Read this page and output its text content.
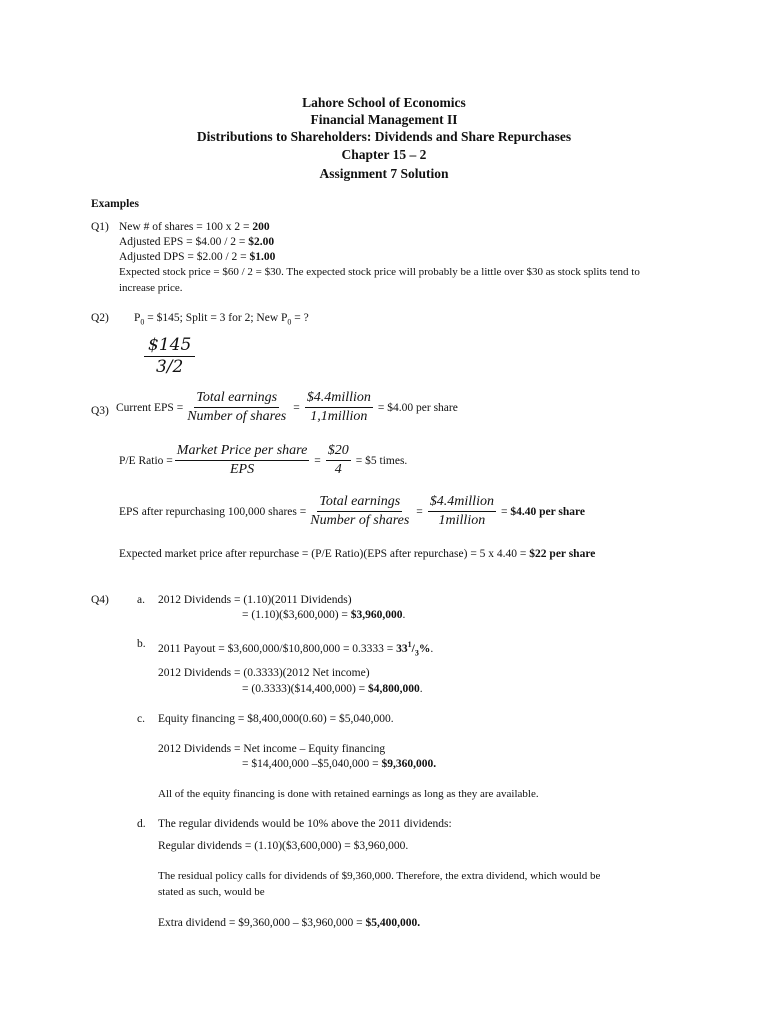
Lahore School of Economics
Financial Management II
Distributions to Shareholders: Dividends and Share Repurchases
Chapter 15 – 2
Assignment 7 Solution
Examples
Q1) New # of shares = 100 x 2 = 200
Adjusted EPS = $4.00 / 2 = $2.00
Adjusted DPS = $2.00 / 2 = $1.00
Expected stock price = $60 / 2 = $30. The expected stock price will probably be a little over $30 as stock splits tend to
increase price.
Q2) $P_0$ = $145; Split = 3 for 2; New $P_0$ = ?
$\frac{\$145}{3/2}$
Q3) Current EPS = $\frac{\text{Total earnings}}{\text{Number of shares}} = \frac{\text{\$4.4million}}{\text{1,1million}}$ = $4.00 per share
P/E Ratio = $\frac{\text{Market Price per share}}{\text{EPS}} = \frac{\$20}{4}$ = $5 times.
EPS after repurchasing 100,000 shares = $\frac{\text{Total earnings}}{\text{Number of shares}} = \frac{\text{\$4.4million}}{\text{1million}}$ = $4.40 per share
Expected market price after repurchase = (P/E Ratio)(EPS after repurchase) = 5 x 4.40 = $22 per share
Q4) a. 2012 Dividends = (1.10)(2011 Dividends)
= (1.10)($3,600,000) = $3,960,000.
b. 2011 Payout = $3,600,000/$10,800,000 = $0.3333 = 33^1/_3\%$.
2012 Dividends = (0.3333)(2012 Net income)
= (0.3333)($14,400,000) = $4,800,000.
c. Equity financing = $8,400,000(0.60) = $5,040,000.
2012 Dividends = Net income – Equity financing
= $14,400,000 –$5,040,000 = $9,360,000.
All of the equity financing is done with retained earnings as long as they are available.
d. The regular dividends would be 10% above the 2011 dividends:
Regular dividends = (1.10)($3,600,000) = $3,960,000.
The residual policy calls for dividends of $9,360,000. Therefore, the extra dividend, which would be
stated as such, would be
Extra dividend = $9,360,000 – $3,960,000 = $5,400,000.
